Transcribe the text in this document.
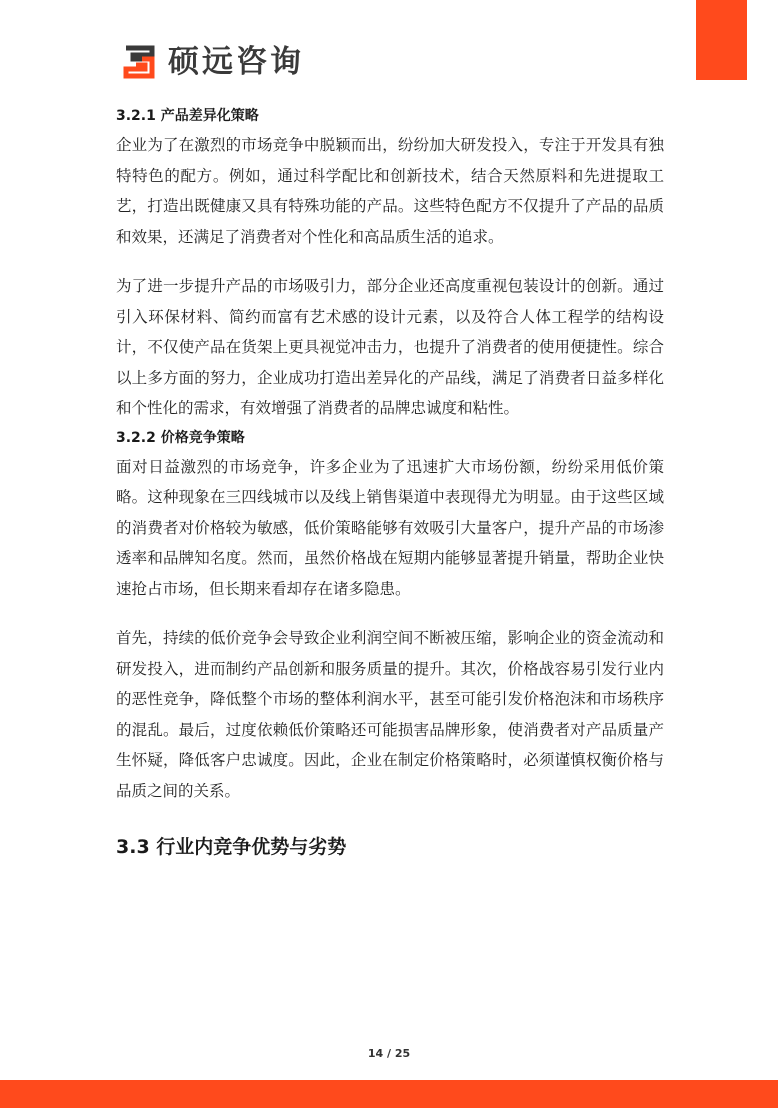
硕远咨询
3.2.1 产品差异化策略

企业为了在激烈的市场竞争中脱颖而出，纷纷加大研发投入，专注于开发具有独特特色的配方。例如，通过科学配比和创新技术，结合天然原料和先进提取工艺，打造出既健康又具有特殊功能的产品。这些特色配方不仅提升了产品的品质和效果，还满足了消费者对个性化和高品质生活的追求。

为了进一步提升产品的市场吸引力，部分企业还高度重视包装设计的创新。通过引入环保材料、简约而富有艺术感的设计元素，以及符合人体工程学的结构设计，不仅使产品在货架上更具视觉冲击力，也提升了消费者的使用便捷性。综合以上多方面的努力，企业成功打造出差异化的产品线，满足了消费者日益多样化和个性化的需求，有效增强了消费者的品牌忠诚度和粘性。

3.2.2 价格竞争策略

面对日益激烈的市场竞争，许多企业为了迅速扩大市场份额，纷纷采用低价策略。这种现象在三四线城市以及线上销售渠道中表现得尤为明显。由于这些区域的消费者对价格较为敏感，低价策略能够有效吸引大量客户，提升产品的市场渗透率和品牌知名度。然而，虽然价格战在短期内能够显著提升销量，帮助企业快速抢占市场，但长期来看却存在诸多隐患。

首先，持续的低价竞争会导致企业利润空间不断被压缩，影响企业的资金流动和研发投入，进而制约产品创新和服务质量的提升。其次，价格战容易引发行业内的恶性竞争，降低整个市场的整体利润水平，甚至可能引发价格泡沫和市场秩序的混乱。最后，过度依赖低价策略还可能损害品牌形象，使消费者对产品质量产生怀疑，降低客户忠诚度。因此，企业在制定价格策略时，必须谨慎权衡价格与品质之间的关系。

3.3 行业内竞争优势与劣势
14 / 25
